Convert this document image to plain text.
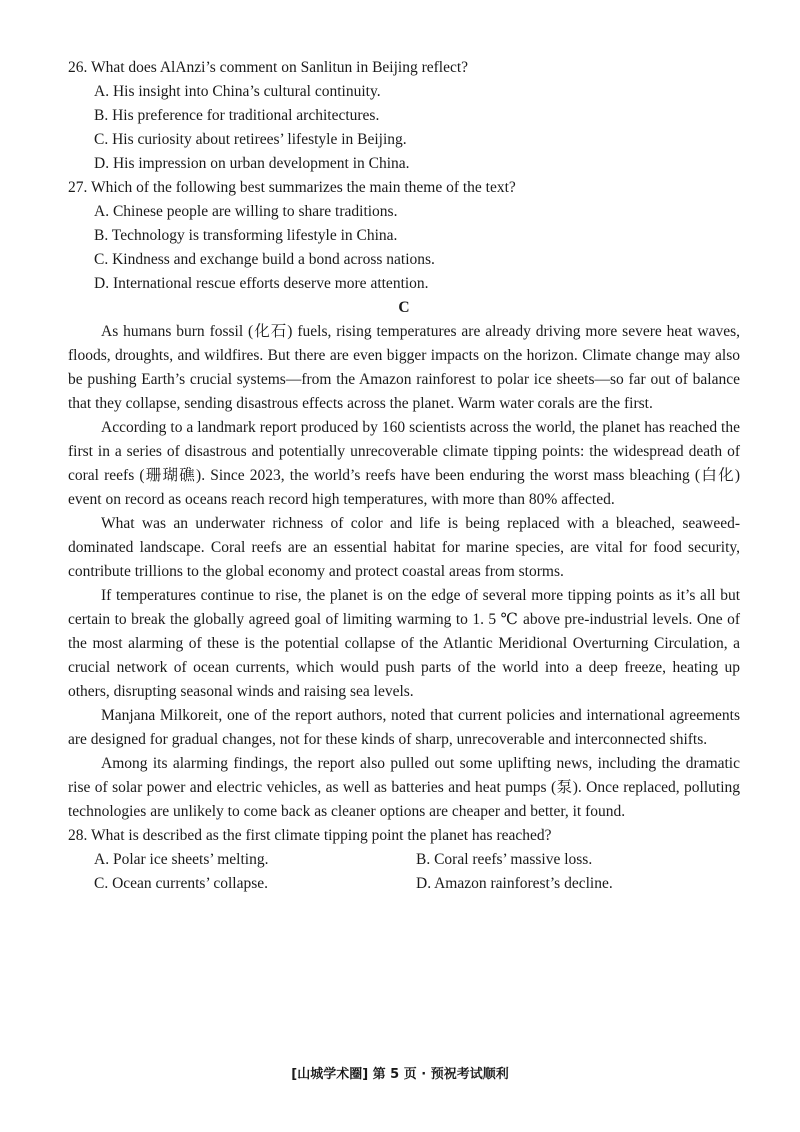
26. What does AlAnzi’s comment on Sanlitun in Beijing reflect?
A. His insight into China’s cultural continuity.
B. His preference for traditional architectures.
C. His curiosity about retirees’ lifestyle in Beijing.
D. His impression on urban development in China.
27. Which of the following best summarizes the main theme of the text?
A. Chinese people are willing to share traditions.
B. Technology is transforming lifestyle in China.
C. Kindness and exchange build a bond across nations.
D. International rescue efforts deserve more attention.
C

As humans burn fossil (化石) fuels, rising temperatures are already driving more severe heat waves, floods, droughts, and wildfires. But there are even bigger impacts on the horizon. Climate change may also be pushing Earth’s crucial systems—from the Amazon rainforest to polar ice sheets—so far out of balance that they collapse, sending disastrous effects across the planet. Warm water corals are the first.

According to a landmark report produced by 160 scientists across the world, the planet has reached the first in a series of disastrous and potentially unrecoverable climate tipping points: the widespread death of coral reefs (珊瑚礁). Since 2023, the world’s reefs have been enduring the worst mass bleaching (白化) event on record as oceans reach record high temperatures, with more than 80% affected.

What was an underwater richness of color and life is being replaced with a bleached, seaweed-dominated landscape. Coral reefs are an essential habitat for marine species, are vital for food security, contribute trillions to the global economy and protect coastal areas from storms.

If temperatures continue to rise, the planet is on the edge of several more tipping points as it’s all but certain to break the globally agreed goal of limiting warming to 1. 5 ℃ above pre-industrial levels. One of the most alarming of these is the potential collapse of the Atlantic Meridional Overturning Circulation, a crucial network of ocean currents, which would push parts of the world into a deep freeze, heating up others, disrupting seasonal winds and raising sea levels.

Manjana Milkoreit, one of the report authors, noted that current policies and international agreements are designed for gradual changes, not for these kinds of sharp, unrecoverable and interconnected shifts.

Among its alarming findings, the report also pulled out some uplifting news, including the dramatic rise of solar power and electric vehicles, as well as batteries and heat pumps (泵). Once replaced, polluting technologies are unlikely to come back as cleaner options are cheaper and better, it found.

28. What is described as the first climate tipping point the planet has reached?
A. Polar ice sheets’ melting.	B. Coral reefs’ massive loss.
C. Ocean currents’ collapse.	D. Amazon rainforest’s decline.
[山城学术圈] 第 5 页 · 预祝考试顺利
